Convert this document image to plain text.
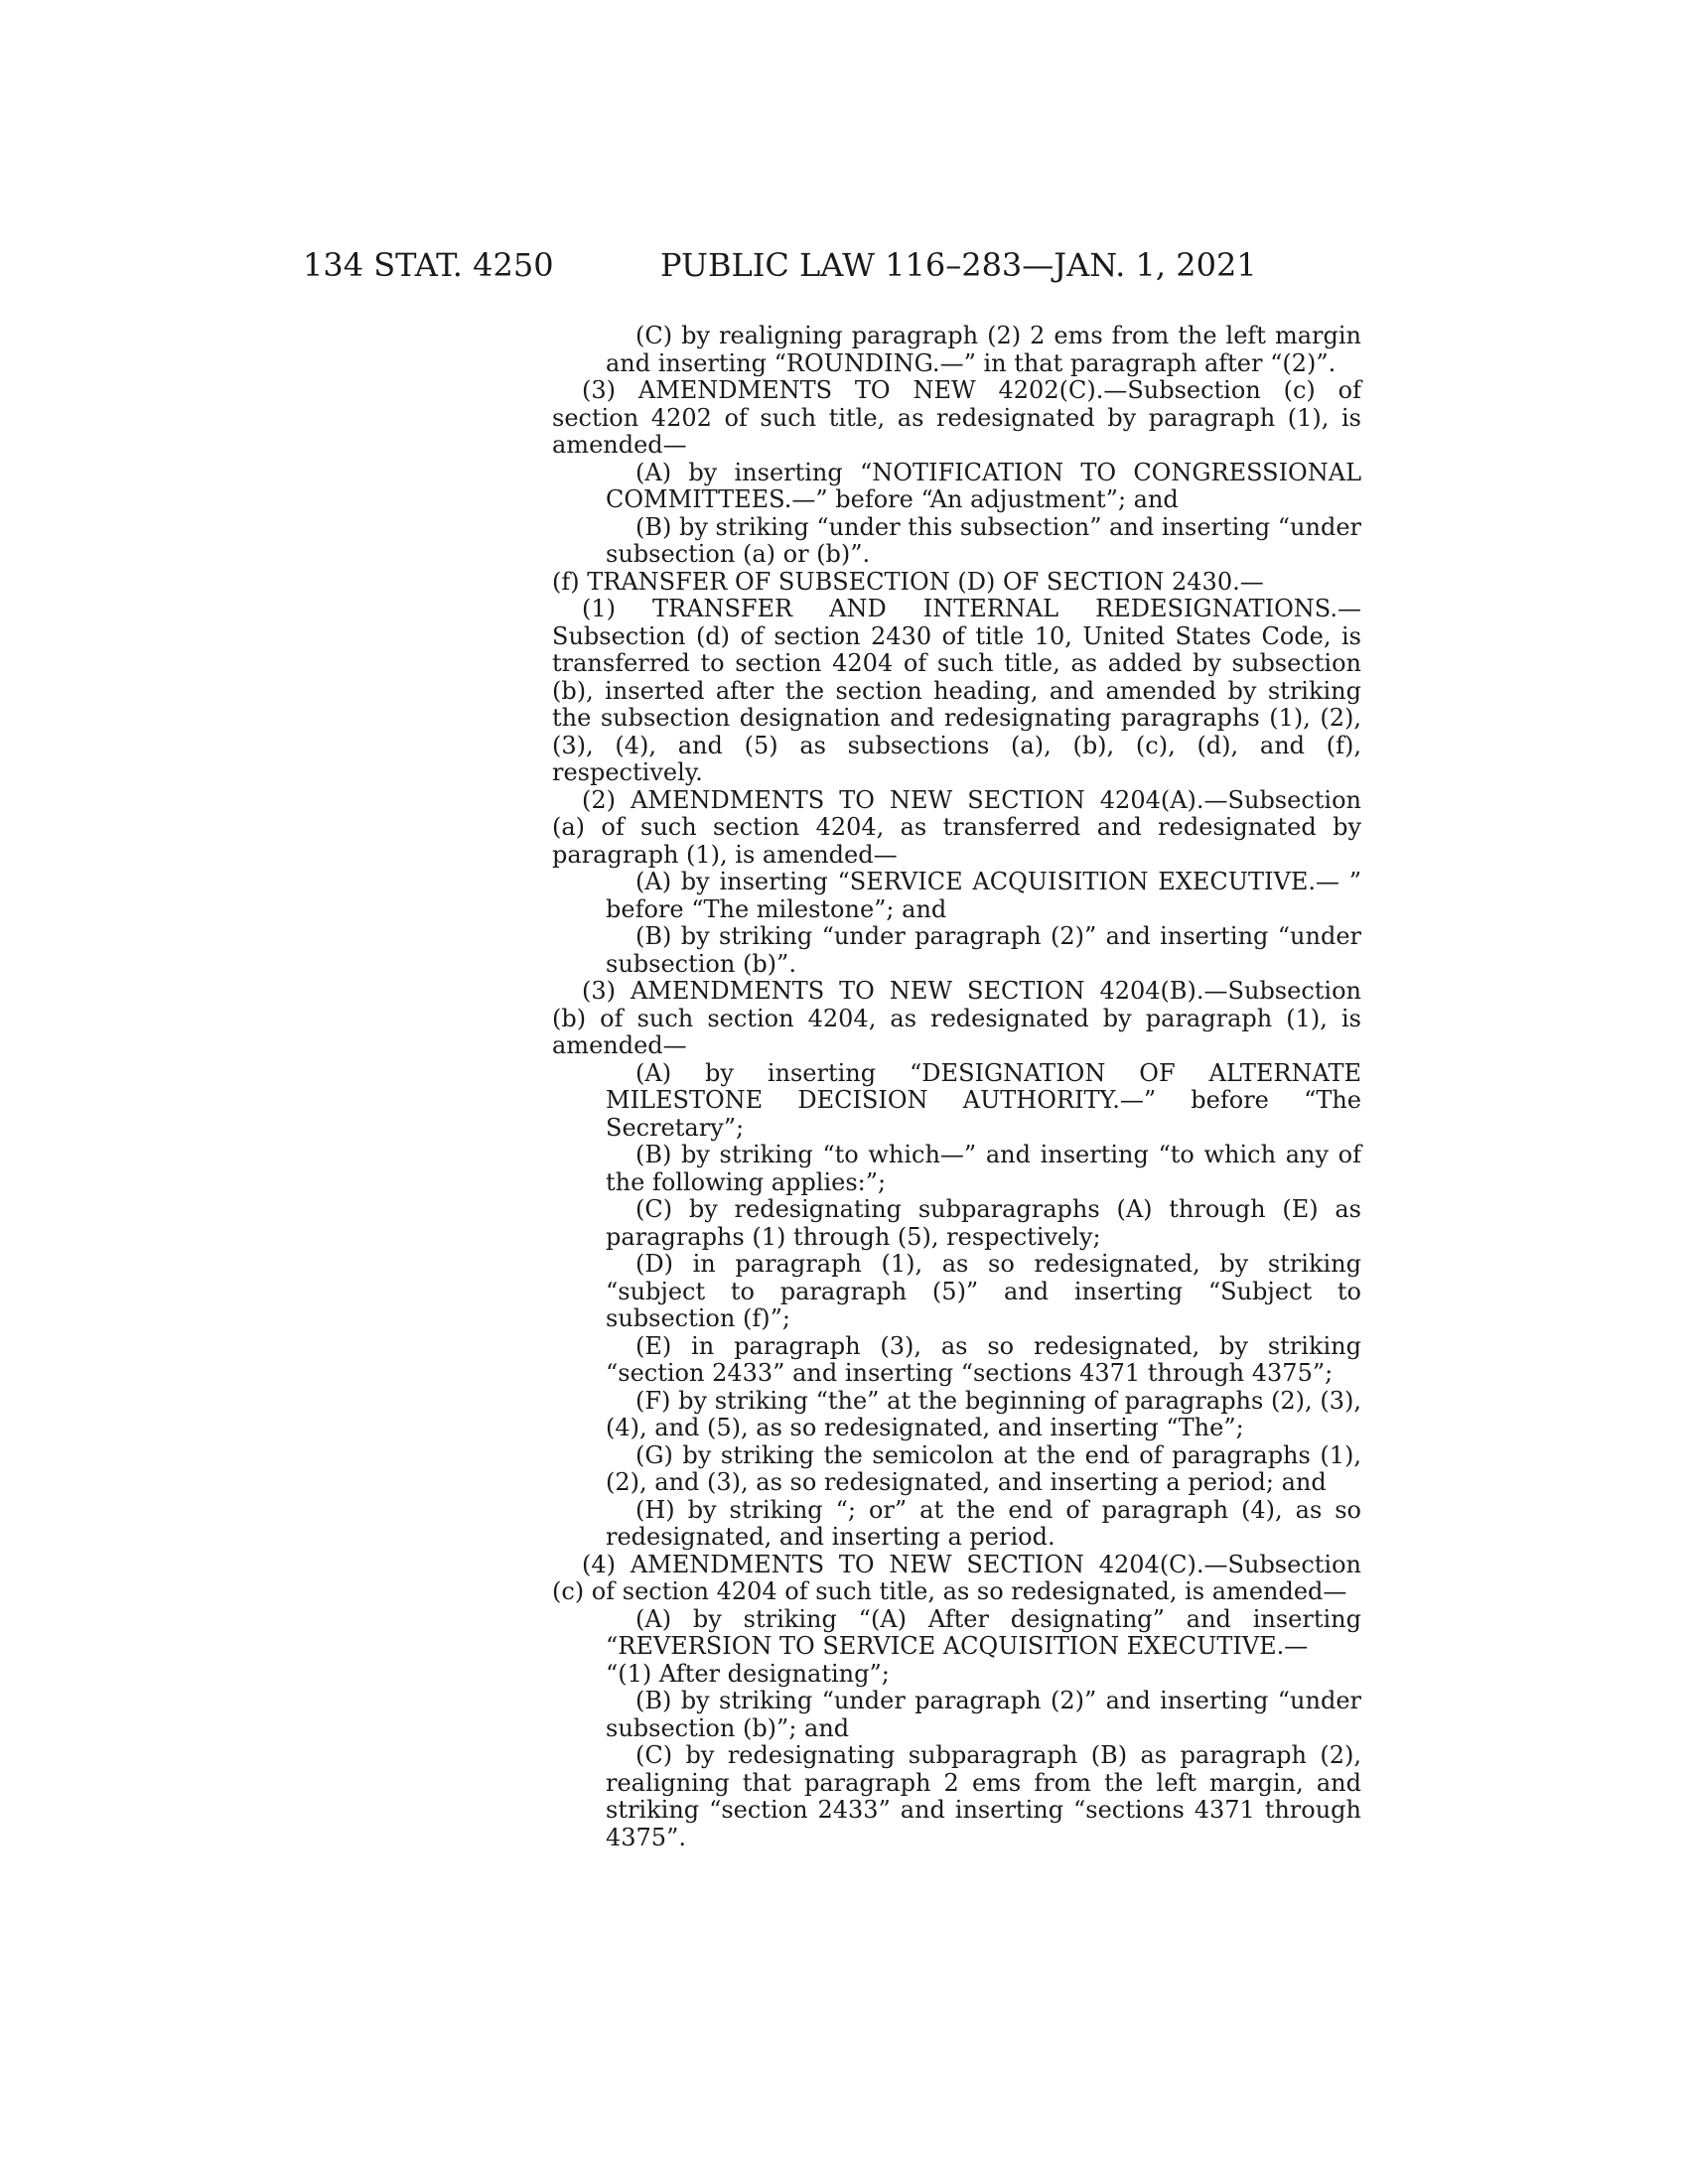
134 STAT. 4250	PUBLIC LAW 116–283—JAN. 1, 2021

(C) by realigning paragraph (2) 2 ems from the left margin and inserting “ROUNDING.—” in that paragraph after “(2)”.

(3) AMENDMENTS TO NEW 4202(C).—Subsection (c) of section 4202 of such title, as redesignated by paragraph (1), is amended—

(A) by inserting “NOTIFICATION TO CONGRESSIONAL COMMITTEES.—” before “An adjustment”; and

(B) by striking “under this subsection” and inserting “under subsection (a) or (b)”.

(f) TRANSFER OF SUBSECTION (D) OF SECTION 2430.—

(1) TRANSFER AND INTERNAL REDESIGNATIONS.—Subsection (d) of section 2430 of title 10, United States Code, is transferred to section 4204 of such title, as added by subsection (b), inserted after the section heading, and amended by striking the subsection designation and redesignating paragraphs (1), (2), (3), (4), and (5) as subsections (a), (b), (c), (d), and (f), respectively.

(2) AMENDMENTS TO NEW SECTION 4204(A).—Subsection (a) of such section 4204, as transferred and redesignated by paragraph (1), is amended—

(A) by inserting “SERVICE ACQUISITION EXECUTIVE.— ” before “The milestone”; and

(B) by striking “under paragraph (2)” and inserting “under subsection (b)”.

(3) AMENDMENTS TO NEW SECTION 4204(B).—Subsection (b) of such section 4204, as redesignated by paragraph (1), is amended—

(A) by inserting “DESIGNATION OF ALTERNATE MILESTONE DECISION AUTHORITY.—” before “The Secretary”;

(B) by striking “to which—” and inserting “to which any of the following applies:”;

(C) by redesignating subparagraphs (A) through (E) as paragraphs (1) through (5), respectively;

(D) in paragraph (1), as so redesignated, by striking “subject to paragraph (5)” and inserting “Subject to subsection (f)”;

(E) in paragraph (3), as so redesignated, by striking “section 2433” and inserting “sections 4371 through 4375”;

(F) by striking “the” at the beginning of paragraphs (2), (3), (4), and (5), as so redesignated, and inserting “The”;

(G) by striking the semicolon at the end of paragraphs (1), (2), and (3), as so redesignated, and inserting a period; and

(H) by striking “; or” at the end of paragraph (4), as so redesignated, and inserting a period.

(4) AMENDMENTS TO NEW SECTION 4204(C).—Subsection (c) of section 4204 of such title, as so redesignated, is amended—

(A) by striking “(A) After designating” and inserting “REVERSION TO SERVICE ACQUISITION EXECUTIVE.—

“(1) After designating”;

(B) by striking “under paragraph (2)” and inserting “under subsection (b)”; and

(C) by redesignating subparagraph (B) as paragraph (2), realigning that paragraph 2 ems from the left margin, and striking “section 2433” and inserting “sections 4371 through 4375”.
